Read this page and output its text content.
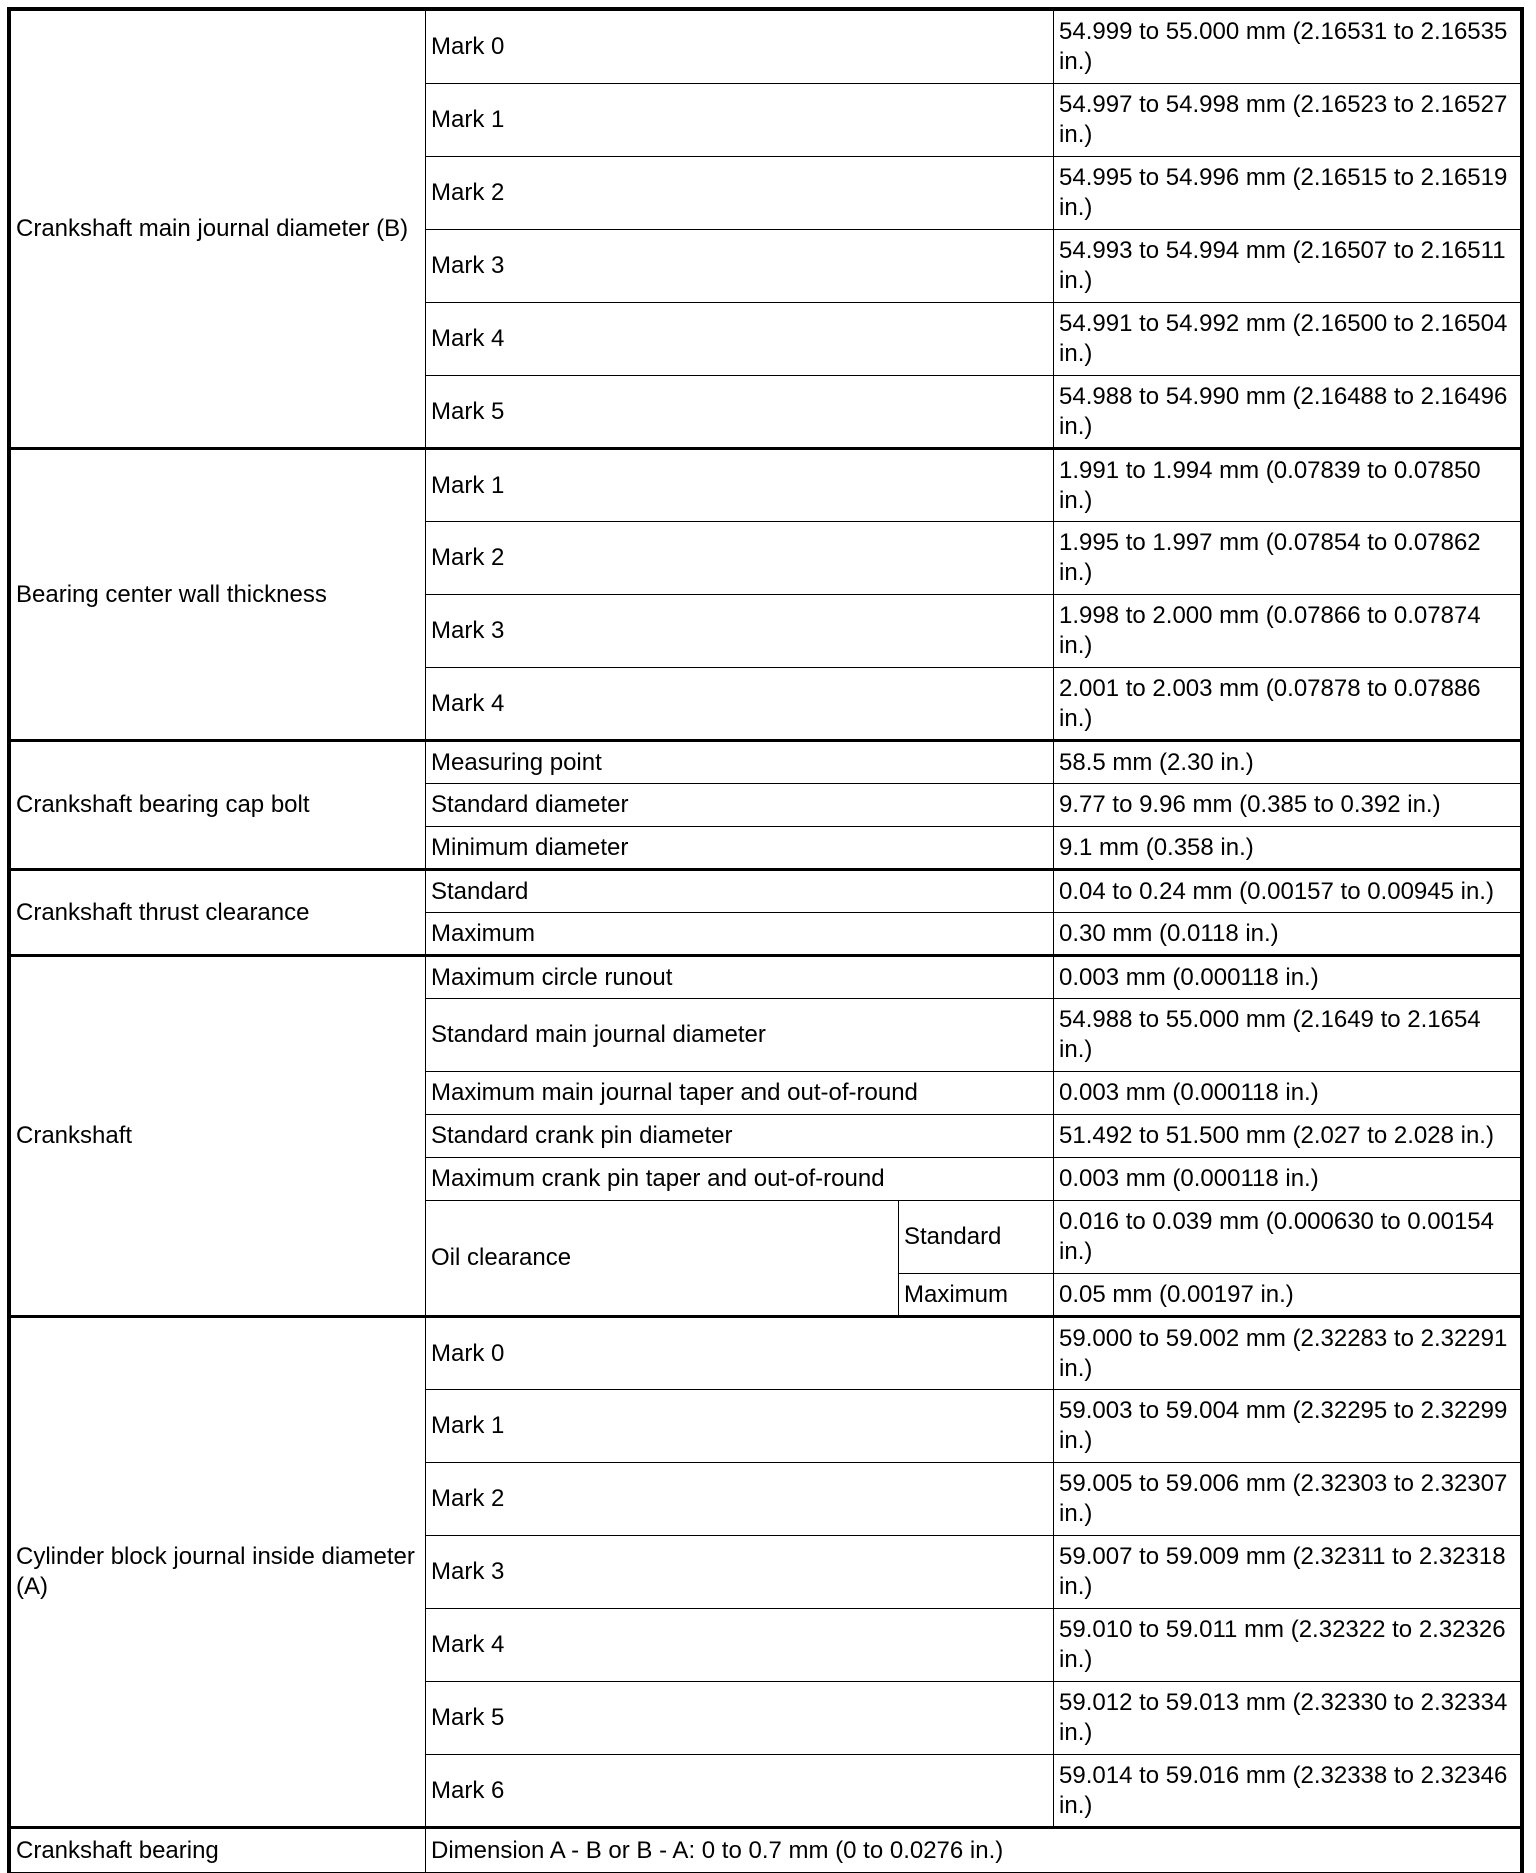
Crankshaft main journal diameter (B)	Mark 0		54.999 to 55.000 mm (2.16531 to 2.16535 in.)
	Mark 1		54.997 to 54.998 mm (2.16523 to 2.16527 in.)
	Mark 2		54.995 to 54.996 mm (2.16515 to 2.16519 in.)
	Mark 3		54.993 to 54.994 mm (2.16507 to 2.16511 in.)
	Mark 4		54.991 to 54.992 mm (2.16500 to 2.16504 in.)
	Mark 5		54.988 to 54.990 mm (2.16488 to 2.16496 in.)
Bearing center wall thickness	Mark 1		1.991 to 1.994 mm (0.07839 to 0.07850 in.)
	Mark 2		1.995 to 1.997 mm (0.07854 to 0.07862 in.)
	Mark 3		1.998 to 2.000 mm (0.07866 to 0.07874 in.)
	Mark 4		2.001 to 2.003 mm (0.07878 to 0.07886 in.)
Crankshaft bearing cap bolt	Measuring point		58.5 mm (2.30 in.)
	Standard diameter		9.77 to 9.96 mm (0.385 to 0.392 in.)
	Minimum diameter		9.1 mm (0.358 in.)
Crankshaft thrust clearance	Standard		0.04 to 0.24 mm (0.00157 to 0.00945 in.)
	Maximum		0.30 mm (0.0118 in.)
Crankshaft	Maximum circle runout		0.003 mm (0.000118 in.)
	Standard main journal diameter		54.988 to 55.000 mm (2.1649 to 2.1654 in.)
	Maximum main journal taper and out-of-round		0.003 mm (0.000118 in.)
	Standard crank pin diameter		51.492 to 51.500 mm (2.027 to 2.028 in.)
	Maximum crank pin taper and out-of-round		0.003 mm (0.000118 in.)
	Oil clearance	Standard	0.016 to 0.039 mm (0.000630 to 0.00154 in.)
		Maximum	0.05 mm (0.00197 in.)
Cylinder block journal inside diameter (A)	Mark 0		59.000 to 59.002 mm (2.32283 to 2.32291 in.)
	Mark 1		59.003 to 59.004 mm (2.32295 to 2.32299 in.)
	Mark 2		59.005 to 59.006 mm (2.32303 to 2.32307 in.)
	Mark 3		59.007 to 59.009 mm (2.32311 to 2.32318 in.)
	Mark 4		59.010 to 59.011 mm (2.32322 to 2.32326 in.)
	Mark 5		59.012 to 59.013 mm (2.32330 to 2.32334 in.)
	Mark 6		59.014 to 59.016 mm (2.32338 to 2.32346 in.)
Crankshaft bearing	Dimension A - B or B - A: 0 to 0.7 mm (0 to 0.0276 in.)		
